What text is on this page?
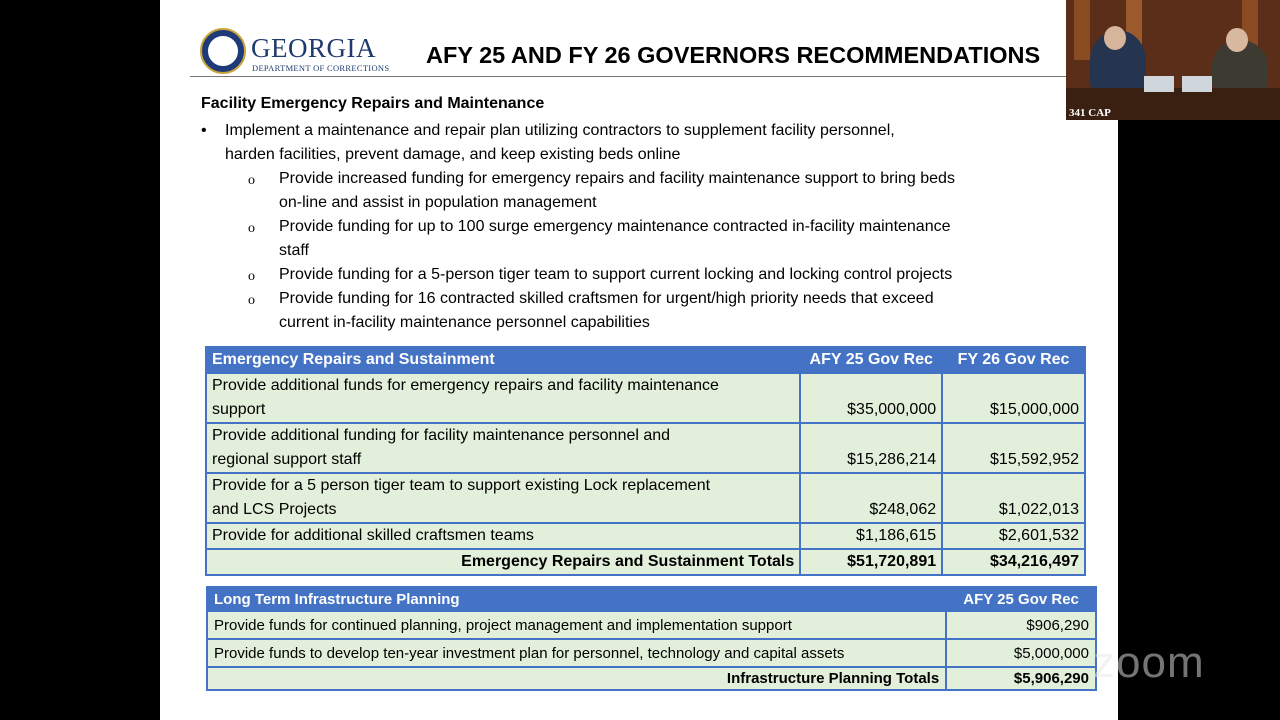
GEORGIA
DEPARTMENT OF CORRECTIONS AFY 25 AND FY 26 GOVERNORS RECOMMENDATIONS
Facility Emergency Repairs and Maintenance
• Implement a maintenance and repair plan utilizing contractors to supplement facility personnel,
harden facilities, prevent damage, and keep existing beds online
o Provide increased funding for emergency repairs and facility maintenance support to bring beds
on-line and assist in population management
o Provide funding for up to 100 surge emergency maintenance contracted in-facility maintenance
staff
o Provide funding for a 5-person tiger team to support current locking and locking control projects
o Provide funding for 16 contracted skilled craftsmen for urgent/high priority needs that exceed
current in-facility maintenance personnel capabilities
Emergency Repairs and Sustainment	AFY 25 Gov Rec	FY 26 Gov Rec

Provide additional funds for emergency repairs and facility maintenance
support	$35,000,000	$15,000,000

Provide additional funding for facility maintenance personnel and
regional support staff	$15,286,214	$15,592,952

Provide for a 5 person tiger team to support existing Lock replacement
and LCS Projects	$248,062	$1,022,013
Provide for additional skilled craftsmen teams	$1,186,615	$2,601,532
Emergency Repairs and Sustainment Totals	$51,720,891	$34,216,497
Long Term Infrastructure Planning	AFY 25 Gov Rec
Provide funds for continued planning, project management and implementation support	$906,290
Provide funds to develop ten-year investment plan for personnel, technology and capital assets	$5,000,000
Infrastructure Planning Totals	$5,906,290
341 CAP
zoom
